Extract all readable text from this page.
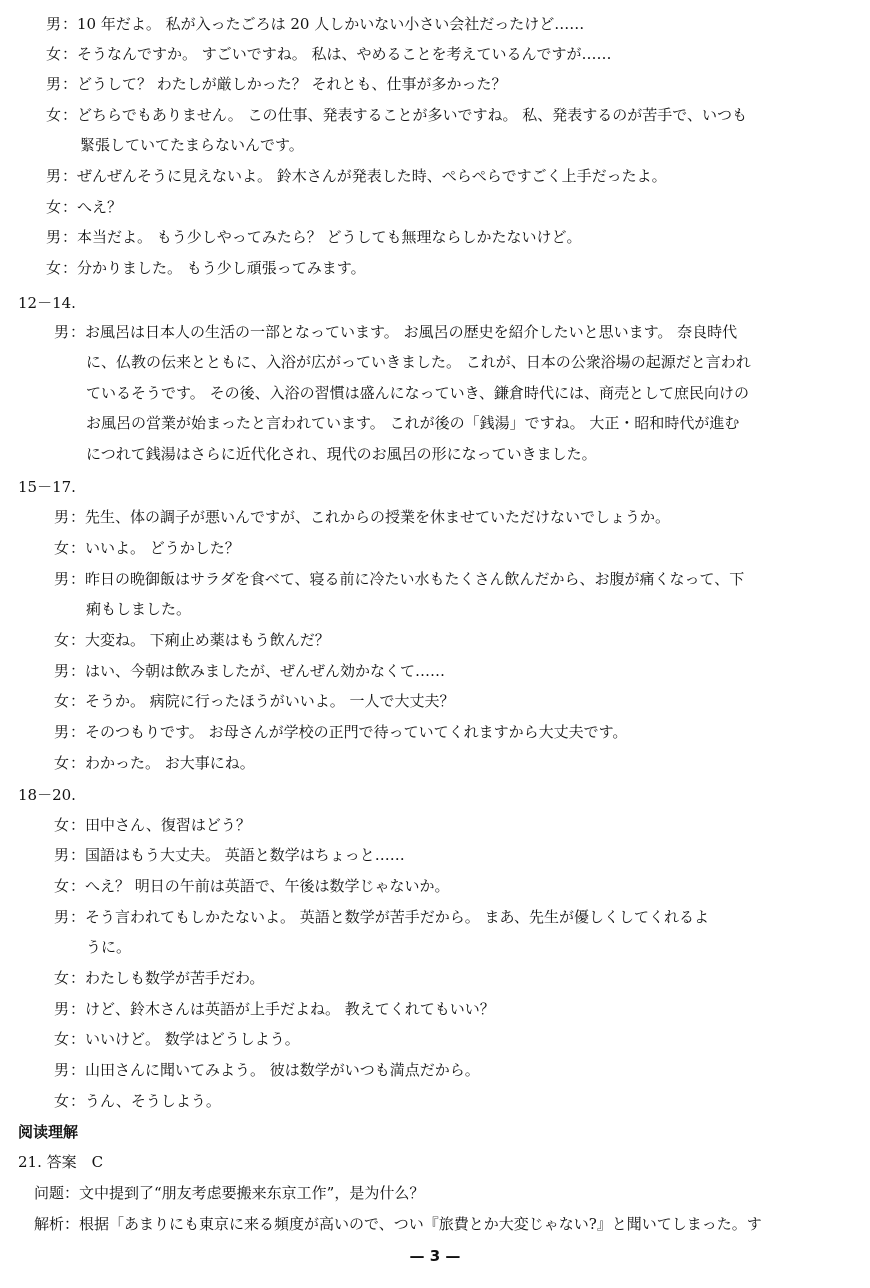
男 ：10 年だよ。 私が入ったごろは 20 人しかいない小さい会社だったけど……
女 ：そうなんですか。 すごいですね。 私は、やめることを考えているんですが……
男 ：どうして？ わたしが厳しかった？ それとも、仕事が多かった？
女 ：どちらでもありません。 この仕事、発表することが多いですね。 私、発表するのが苦手で、いつも
緊張していてたまらないんです。
男 ：ぜんぜんそうに見えないよ。 鈴木さんが発表した時、ぺらぺらですごく上手だったよ。
女 ：へえ？
男 ：本当だよ。 もう少しやってみたら？ どうしても無理ならしかたないけど。
女 ：分かりました。 もう少し頑張ってみます。
12－14.
男 ：お風呂は日本人の生活の一部となっています。 お風呂の歴史を紹介したいと思います。 奈良時代
に、仏教の伝来とともに、入浴が広がっていきました。 これが、日本の公衆浴場の起源だと言われ
ているそうです。 その後、入浴の習慣は盛んになっていき、鎌倉時代には、商売として庶民向けの
お風呂の営業が始まったと言われています。 これが後の「銭湯」ですね。 大正・昭和時代が進む
につれて銭湯はさらに近代化され、現代のお風呂の形になっていきました。
15－17.
男 ：先生、体の調子が悪いんですが、これからの授業を休ませていただけないでしょうか。
女 ：いいよ。 どうかした？
男 ：昨日の晩御飯はサラダを食べて、寝る前に冷たい水もたくさん飲んだから、お腹が痛くなって、下
痢もしました。
女 ：大変ね。 下痢止め薬はもう飲んだ？
男 ：はい、今朝は飲みましたが、ぜんぜん効かなくて……
女 ：そうか。 病院に行ったほうがいいよ。 一人で大丈夫？
男 ：そのつもりです。 お母さんが学校の正門で待っていてくれますから大丈夫です。
女 ：わかった。 お大事にね。
18－20.
女 ：田中さん、復習はどう？
男 ：国語はもう大丈夫。 英語と数学はちょっと……
女 ：へえ？ 明日の午前は英語で、午後は数学じゃないか。
男 ：そう言われてもしかたないよ。 英語と数学が苦手だから。 まあ、先生が優しくしてくれるよ
うに。
女 ：わたしも数学が苦手だわ。
男 ：けど、鈴木さんは英語が上手だよね。 教えてくれてもいい？
女 ：いいけど。 数学はどうしよう。
男 ：山田さんに聞いてみよう。 彼は数学がいつも満点だから。
女 ：うん、そうしよう。
阅读理解
21. 答案　C
问题：文中提到了“朋友考虑要搬来东京工作”，是为什么？
解析：根据「あまりにも東京に来る頻度が高いので、つい『旅費とか大変じゃない?』と聞いてしまった。す
— 3 —
